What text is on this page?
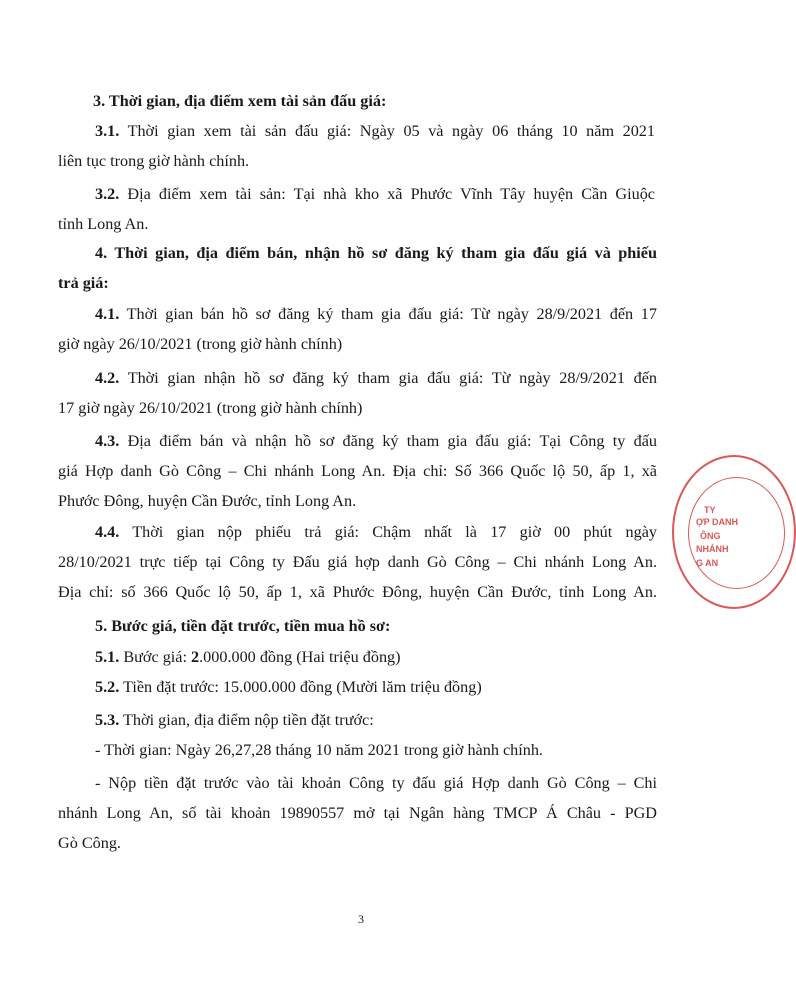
3. Thời gian, địa điểm xem tài sản đấu giá:
3.1. Thời gian xem tài sản đấu giá: Ngày 05 và ngày 06 tháng 10 năm 2021
liên tục trong giờ hành chính.
3.2. Địa điểm xem tài sản: Tại nhà kho xã Phước Vĩnh Tây huyện Cần Giuộc
tỉnh Long An.
4. Thời gian, địa điểm bán, nhận hồ sơ đăng ký tham gia đấu giá và phiếu
trả giá:
4.1. Thời gian bán hồ sơ đăng ký tham gia đấu giá: Từ ngày 28/9/2021 đến 17
giờ ngày 26/10/2021 (trong giờ hành chính)
4.2. Thời gian nhận hồ sơ đăng ký tham gia đấu giá: Từ ngày 28/9/2021 đến
17 giờ ngày 26/10/2021 (trong giờ hành chính)
4.3. Địa điểm bán và nhận hồ sơ đăng ký tham gia đấu giá: Tại Công ty đấu
giá Hợp danh Gò Công – Chi nhánh Long An. Địa chỉ: Số 366 Quốc lộ 50, ấp 1, xã
Phước Đông, huyện Cần Đước, tỉnh Long An.
4.4. Thời gian nộp phiếu trả giá: Chậm nhất là 17 giờ 00 phút ngày
28/10/2021 trực tiếp tại Công ty Đấu giá hợp danh Gò Công – Chi nhánh Long An.
Địa chỉ: số 366 Quốc lộ 50, ấp 1, xã Phước Đông, huyện Cần Đước, tỉnh Long An.
5. Bước giá, tiền đặt trước, tiền mua hồ sơ:
5.1. Bước giá: 2.000.000 đồng (Hai triệu đồng)
5.2. Tiền đặt trước: 15.000.000 đồng (Mười lăm triệu đồng)
5.3. Thời gian, địa điểm nộp tiền đặt trước:
- Thời gian: Ngày 26,27,28 tháng 10 năm 2021 trong giờ hành chính.
- Nộp tiền đặt trước vào tài khoản Công ty đấu giá Hợp danh Gò Công – Chi
nhánh Long An, số tài khoản 19890557 mở tại Ngân hàng TMCP Á Châu - PGD
Gò Công.
3
TY
ỢP DANH
ÔNG
NHÁNH
G AN
